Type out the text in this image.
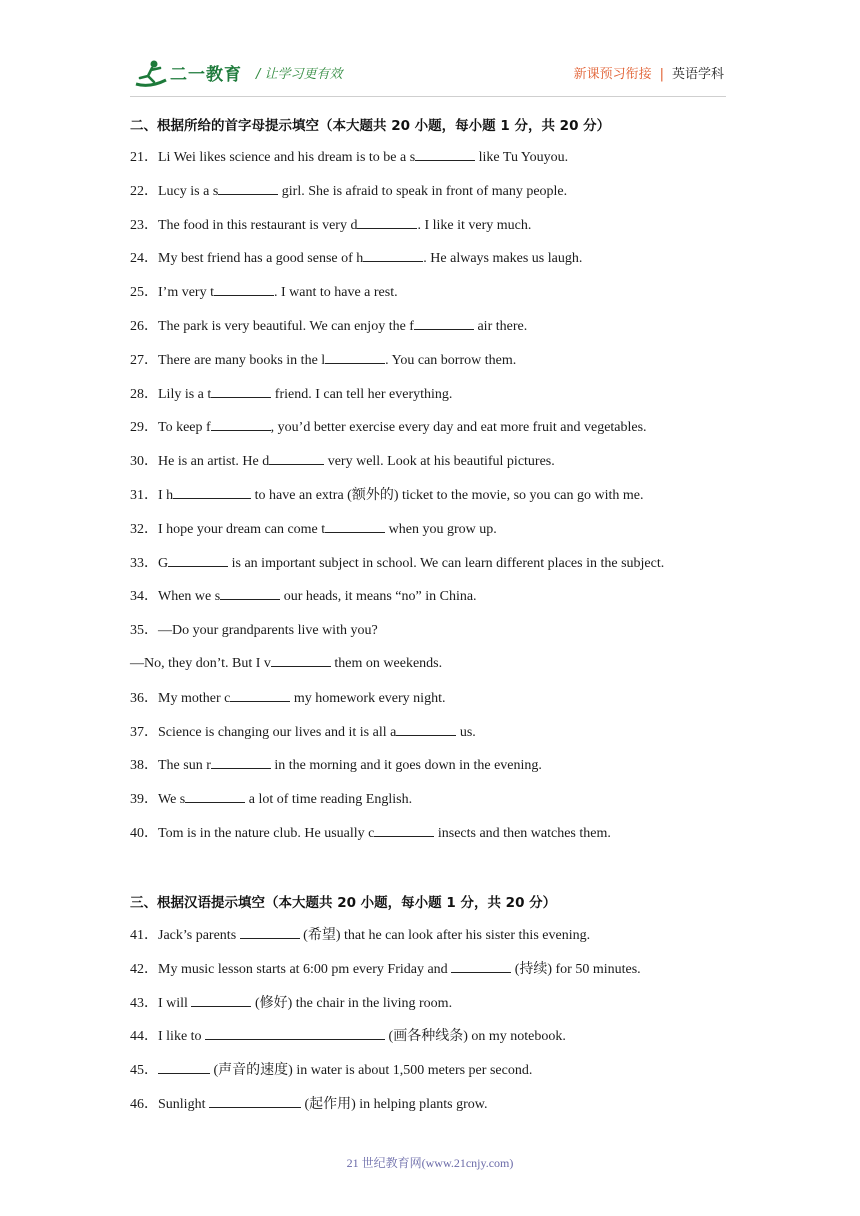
二一教育 / 让学习更有效	新课预习衔接 | 英语学科
二、根据所给的首字母提示填空（本大题共 20 小题，每小题 1 分，共 20 分）
21．Li Wei likes science and his dream is to be a s	like Tu Youyou.
22．Lucy is a s	girl. She is afraid to speak in front of many people.
23．The food in this restaurant is very d	. I like it very much.
24．My best friend has a good sense of h	. He always makes us laugh.
25．I’m very t	. I want to have a rest.
26．The park is very beautiful. We can enjoy the f	air there.
27．There are many books in the l	. You can borrow them.
28．Lily is a t	friend. I can tell her everything.
29．To keep f	, you’d better exercise every day and eat more fruit and vegetables.
30．He is an artist. He d	very well. Look at his beautiful pictures.
31．I h	to have an extra (额外的) ticket to the movie, so you can go with me.
32．I hope your dream can come t	when you grow up.
33．G	is an important subject in school. We can learn different places in the subject.
34．When we s	our heads, it means “no” in China.
35．—Do your grandparents live with you?
—No, they don’t. But I v	them on weekends.
36．My mother c	my homework every night.
37．Science is changing our lives and it is all a	us.
38．The sun r	in the morning and it goes down in the evening.
39．We s	a lot of time reading English.
40．Tom is in the nature club. He usually c	insects and then watches them.
三、根据汉语提示填空（本大题共 20 小题，每小题 1 分，共 20 分）
41．Jack’s parents	(希望) that he can look after his sister this evening.
42．My music lesson starts at 6:00 pm every Friday and	(持续) for 50 minutes.
43．I will	(修好) the chair in the living room.
44．I like to	(画各种线条) on my notebook.
45．	(声音的速度) in water is about 1,500 meters per second.
46．Sunlight	(起作用) in helping plants grow.
21 世纪教育网(www.21cnjy.com)
